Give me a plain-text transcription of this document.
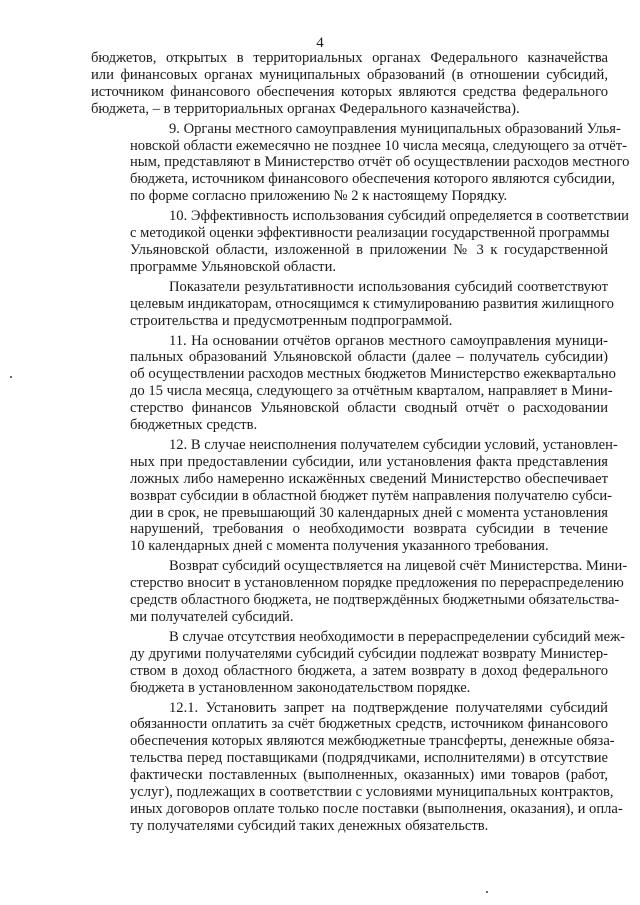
4
бюджетов, открытых в территориальных органах Федерального казначейства
или финансовых органах муниципальных образований (в отношении субсидий,
источником финансового обеспечения которых являются средства федерального
бюджета, – в территориальных органах Федерального казначейства).
9. Органы местного самоуправления муниципальных образований Улья-
новской области ежемесячно не позднее 10 числа месяца, следующего за отчёт-
ным, представляют в Министерство отчёт об осуществлении расходов местного
бюджета, источником финансового обеспечения которого являются субсидии,
по форме согласно приложению № 2 к настоящему Порядку.
10. Эффективность использования субсидий определяется в соответствии
с методикой оценки эффективности реализации государственной программы
Ульяновской области, изложенной в приложении № 3 к государственной
программе Ульяновской области.
Показатели результативности использования субсидий соответствуют
целевым индикаторам, относящимся к стимулированию развития жилищного
строительства и предусмотренным подпрограммой.
11. На основании отчётов органов местного самоуправления муници-
пальных образований Ульяновской области (далее – получатель субсидии)
об осуществлении расходов местных бюджетов Министерство ежеквартально
до 15 числа месяца, следующего за отчётным кварталом, направляет в Мини-
стерство финансов Ульяновской области сводный отчёт о расходовании
бюджетных средств.
12. В случае неисполнения получателем субсидии условий, установлен-
ных при предоставлении субсидии, или установления факта представления
ложных либо намеренно искажённых сведений Министерство обеспечивает
возврат субсидии в областной бюджет путём направления получателю субси-
дии в срок, не превышающий 30 календарных дней с момента установления
нарушений, требования о необходимости возврата субсидии в течение
10 календарных дней с момента получения указанного требования.
Возврат субсидий осуществляется на лицевой счёт Министерства. Мини-
стерство вносит в установленном порядке предложения по перераспределению
средств областного бюджета, не подтверждённых бюджетными обязательства-
ми получателей субсидий.
В случае отсутствия необходимости в перераспределении субсидий меж-
ду другими получателями субсидий субсидии подлежат возврату Министер-
ством в доход областного бюджета, а затем возврату в доход федерального
бюджета в установленном законодательством порядке.
12.1. Установить запрет на подтверждение получателями субсидий
обязанности оплатить за счёт бюджетных средств, источником финансового
обеспечения которых являются межбюджетные трансферты, денежные обяза-
тельства перед поставщиками (подрядчиками, исполнителями) в отсутствие
фактически поставленных (выполненных, оказанных) ими товаров (работ,
услуг), подлежащих в соответствии с условиями муниципальных контрактов,
иных договоров оплате только после поставки (выполнения, оказания), и опла-
ту получателями субсидий таких денежных обязательств.
